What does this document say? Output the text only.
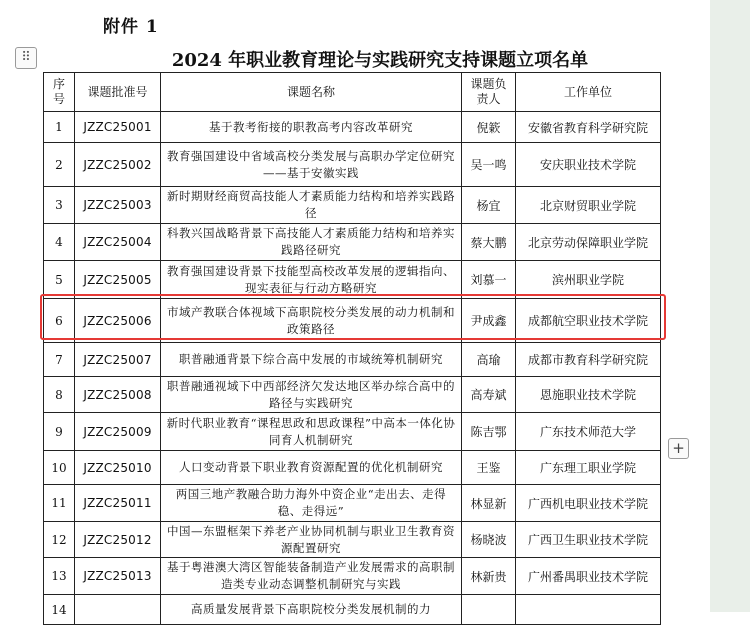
附件 1
⠿	2024 年职业教育理论与实践研究支持课题立项名单
序号	课题批准号	课题名称	课题负责人	工作单位
1	JZZC25001	基于教考衔接的职教高考内容改革研究	倪簌	安徽省教育科学研究院
2	JZZC25002	教育强国建设中省域高校分类发展与高职办学定位研究——基于安徽实践	吴一鸣	安庆职业技术学院
3	JZZC25003	新时期财经商贸高技能人才素质能力结构和培养实践路径	杨宜	北京财贸职业学院
4	JZZC25004	科教兴国战略背景下高技能人才素质能力结构和培养实践路径研究	蔡大鹏	北京劳动保障职业学院
5	JZZC25005	教育强国建设背景下技能型高校改革发展的逻辑指向、现实表征与行动方略研究	刘慕一	滨州职业学院
6	JZZC25006	市域产教联合体视域下高职院校分类发展的动力机制和政策路径	尹成鑫	成都航空职业技术学院
7	JZZC25007	职普融通背景下综合高中发展的市域统筹机制研究	高瑜	成都市教育科学研究院
8	JZZC25008	职普融通视域下中西部经济欠发达地区举办综合高中的路径与实践研究	高寿斌	恩施职业技术学院
9	JZZC25009	新时代职业教育“课程思政和思政课程”中高本一体化协同育人机制研究	陈吉鄂	广东技术师范大学
10	JZZC25010	人口变动背景下职业教育资源配置的优化机制研究	王鉴	广东理工职业学院
11	JZZC25011	两国三地产教融合助力海外中资企业“走出去、走得稳、走得远”	林显新	广西机电职业技术学院
12	JZZC25012	中国—东盟框架下养老产业协同机制与职业卫生教育资源配置研究	杨晓波	广西卫生职业技术学院
13	JZZC25013	基于粤港澳大湾区智能装备制造产业发展需求的高职制造类专业动态调整机制研究与实践	林新贵	广州番禺职业技术学院
14		高质量发展背景下高职院校分类发展机制的力		
+
